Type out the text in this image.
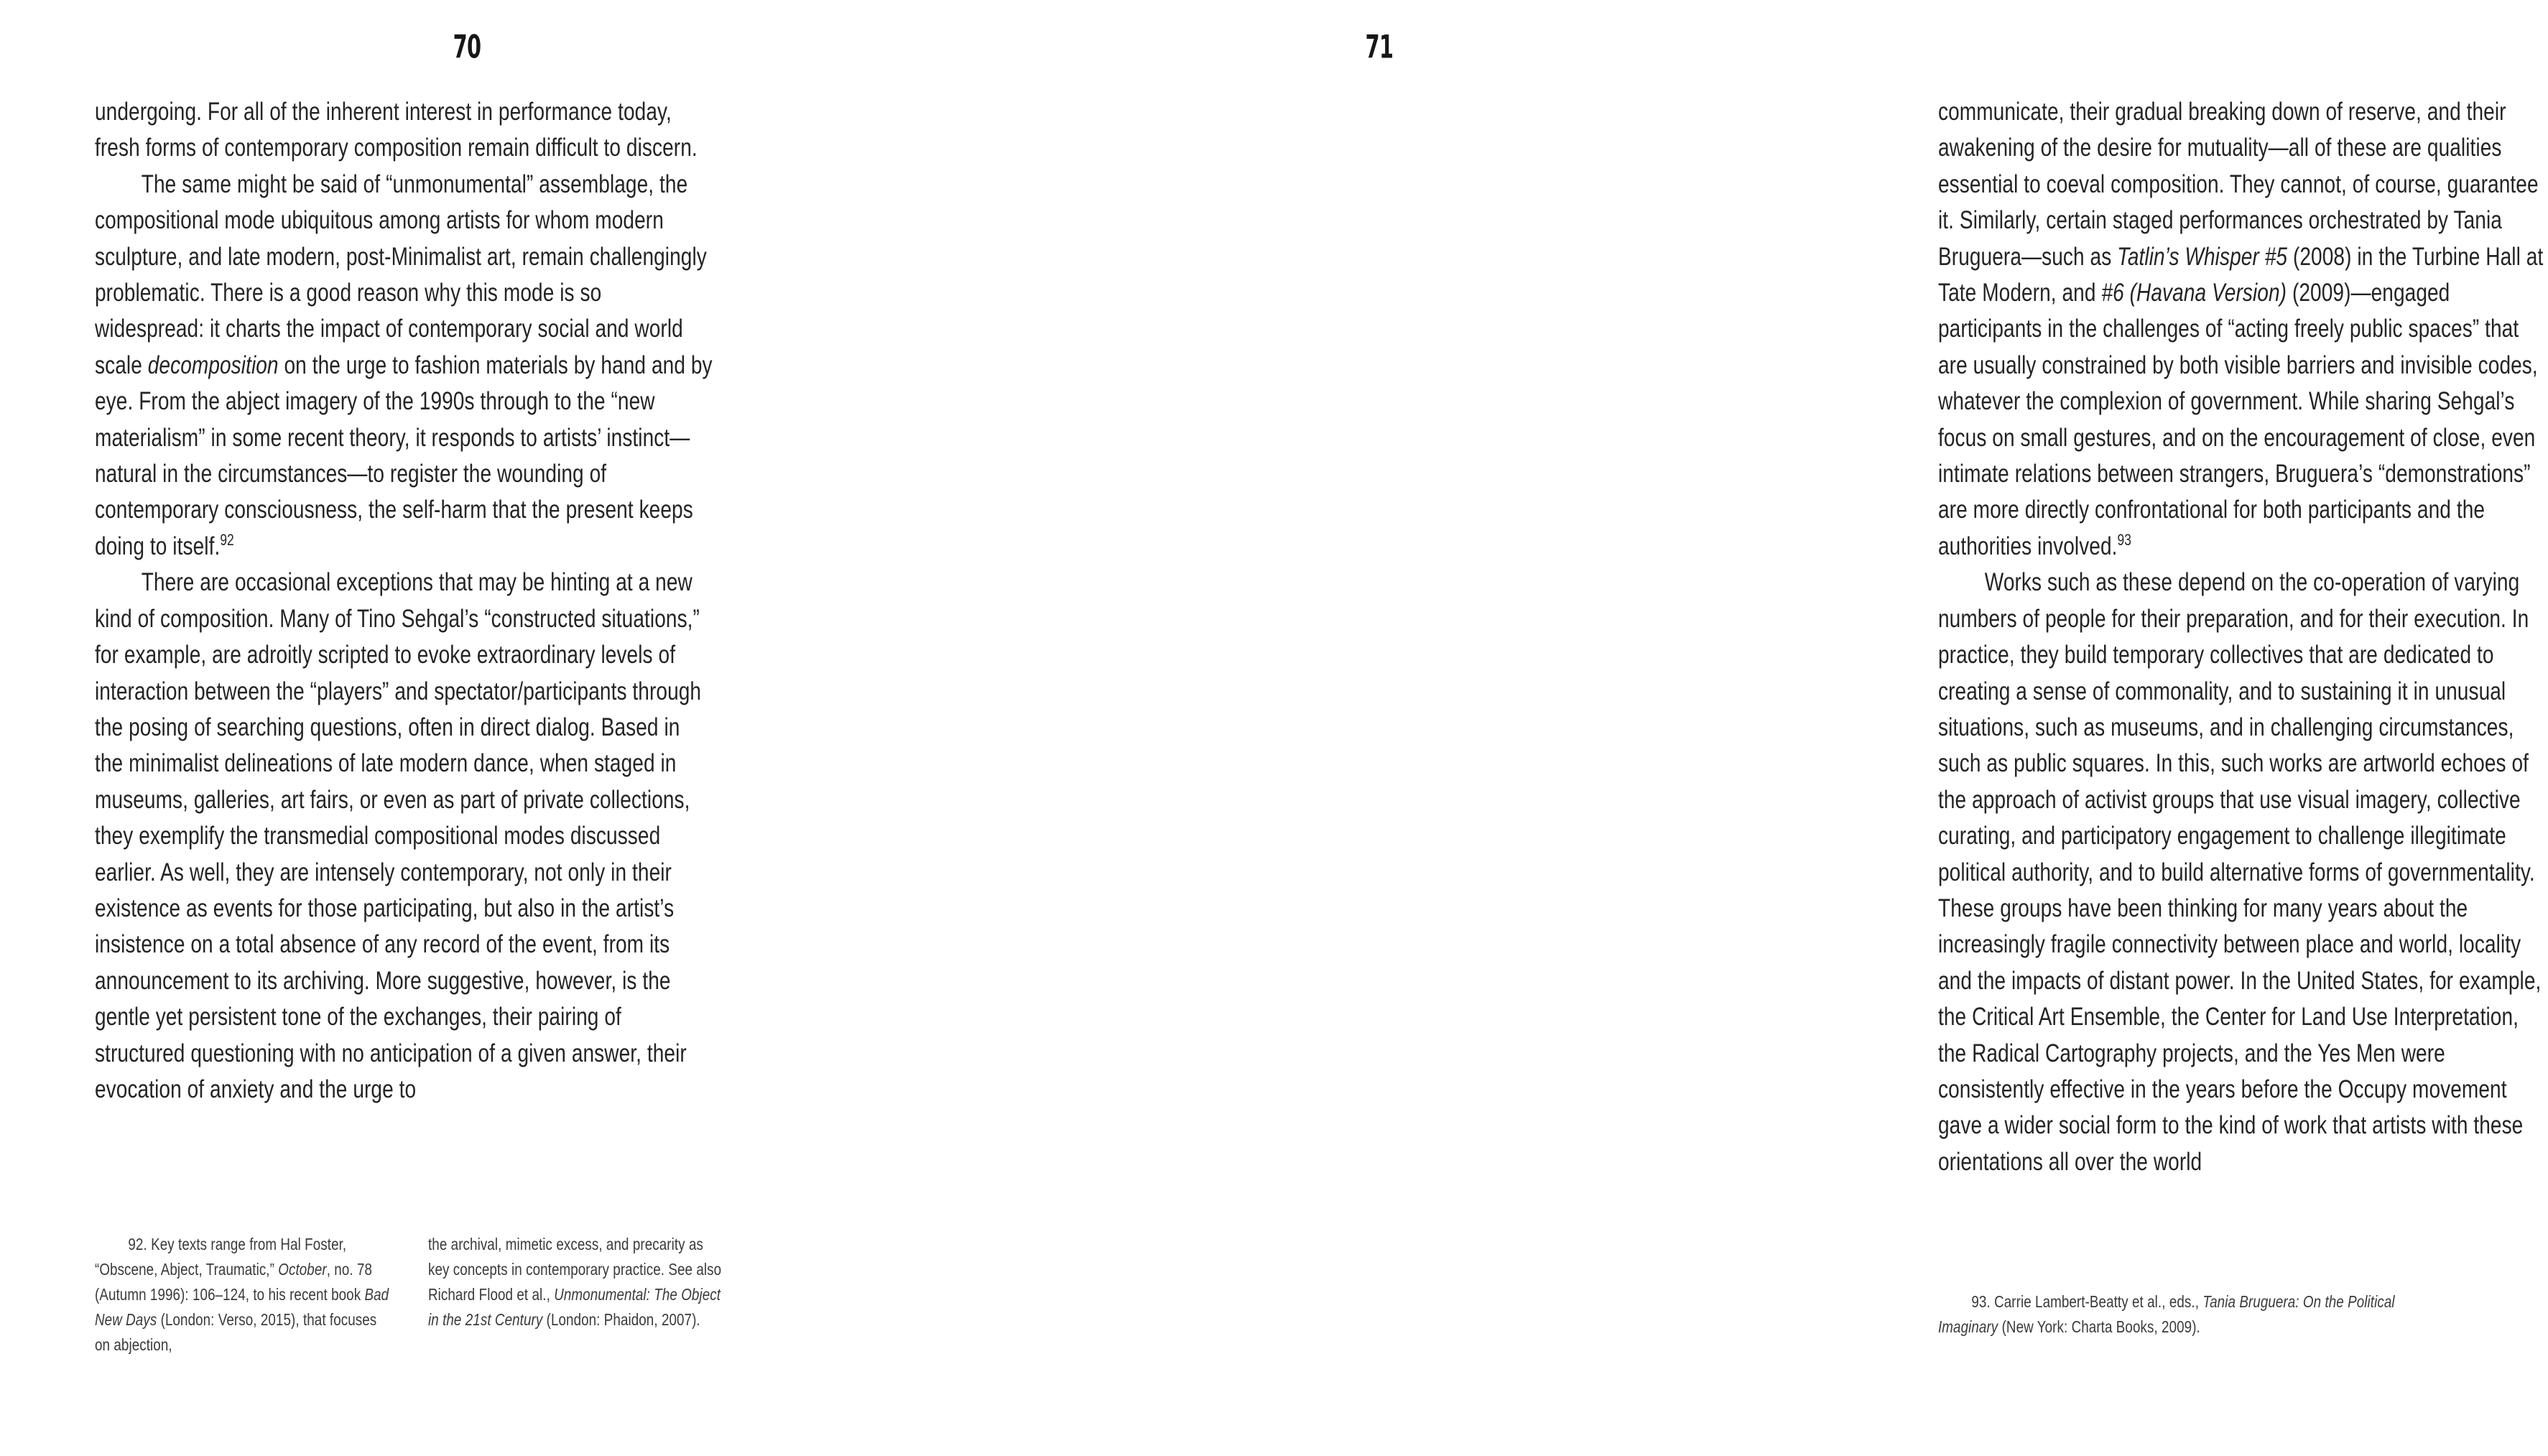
70

undergoing. For all of the inherent interest in performance today, fresh forms of contemporary composition remain difficult to discern.

The same might be said of “unmonumental” assemblage, the compositional mode ubiquitous among artists for whom modern sculpture, and late modern, post-Minimalist art, remain challengingly problematic. There is a good reason why this mode is so widespread: it charts the impact of contemporary social and world scale decomposition on the urge to fashion materials by hand and by eye. From the abject imagery of the 1990s through to the “new materialism” in some recent theory, it responds to artists’ instinct—natural in the circumstances—to register the wounding of contemporary consciousness, the self-harm that the present keeps doing to itself.$^{92}$

There are occasional exceptions that may be hinting at a new kind of composition. Many of Tino Sehgal’s “constructed situations,” for example, are adroitly scripted to evoke extraordinary levels of interaction between the “players” and spectator/participants through the posing of searching questions, often in direct dialog. Based in the minimalist delineations of late modern dance, when staged in museums, galleries, art fairs, or even as part of private collections, they exemplify the transmedial compositional modes discussed earlier. As well, they are intensely contemporary, not only in their existence as events for those participating, but also in the artist’s insistence on a total absence of any record of the event, from its announcement to its archiving. More suggestive, however, is the gentle yet persistent tone of the exchanges, their pairing of structured questioning with no anticipation of a given answer, their evocation of anxiety and the urge to

92. Key texts range from Hal Foster, “Obscene, Abject, Traumatic,” October, no. 78 (Autumn 1996): 106–124, to his recent book Bad New Days (London: Verso, 2015), that focuses on abjection,

the archival, mimetic excess, and precarity as key concepts in contemporary practice. See also Richard Flood et al., Unmonumental: The Object in the 21st Century (London: Phaidon, 2007).

71

communicate, their gradual breaking down of reserve, and their awakening of the desire for mutuality—all of these are qualities essential to coeval composition. They cannot, of course, guarantee it. Similarly, certain staged performances orchestrated by Tania Bruguera—such as Tatlin’s Whisper #5 (2008) in the Turbine Hall at Tate Modern, and #6 (Havana Version) (2009)—engaged participants in the challenges of “acting freely public spaces” that are usually constrained by both visible barriers and invisible codes, whatever the complexion of government. While sharing Sehgal’s focus on small gestures, and on the encouragement of close, even intimate relations between strangers, Bruguera’s “demonstrations” are more directly confrontational for both participants and the authorities involved.$^{93}$

Works such as these depend on the co-operation of varying numbers of people for their preparation, and for their execution. In practice, they build temporary collectives that are dedicated to creating a sense of commonality, and to sustaining it in unusual situations, such as museums, and in challenging circumstances, such as public squares. In this, such works are artworld echoes of the approach of activist groups that use visual imagery, collective curating, and participatory engagement to challenge illegitimate political authority, and to build alternative forms of governmentality. These groups have been thinking for many years about the increasingly fragile connectivity between place and world, locality and the impacts of distant power. In the United States, for example, the Critical Art Ensemble, the Center for Land Use Interpretation, the Radical Cartography projects, and the Yes Men were consistently effective in the years before the Occupy movement gave a wider social form to the kind of work that artists with these orientations all over the world

93. Carrie Lambert-Beatty et al., eds., Tania Bruguera: On the Political Imaginary (New York: Charta Books, 2009).
